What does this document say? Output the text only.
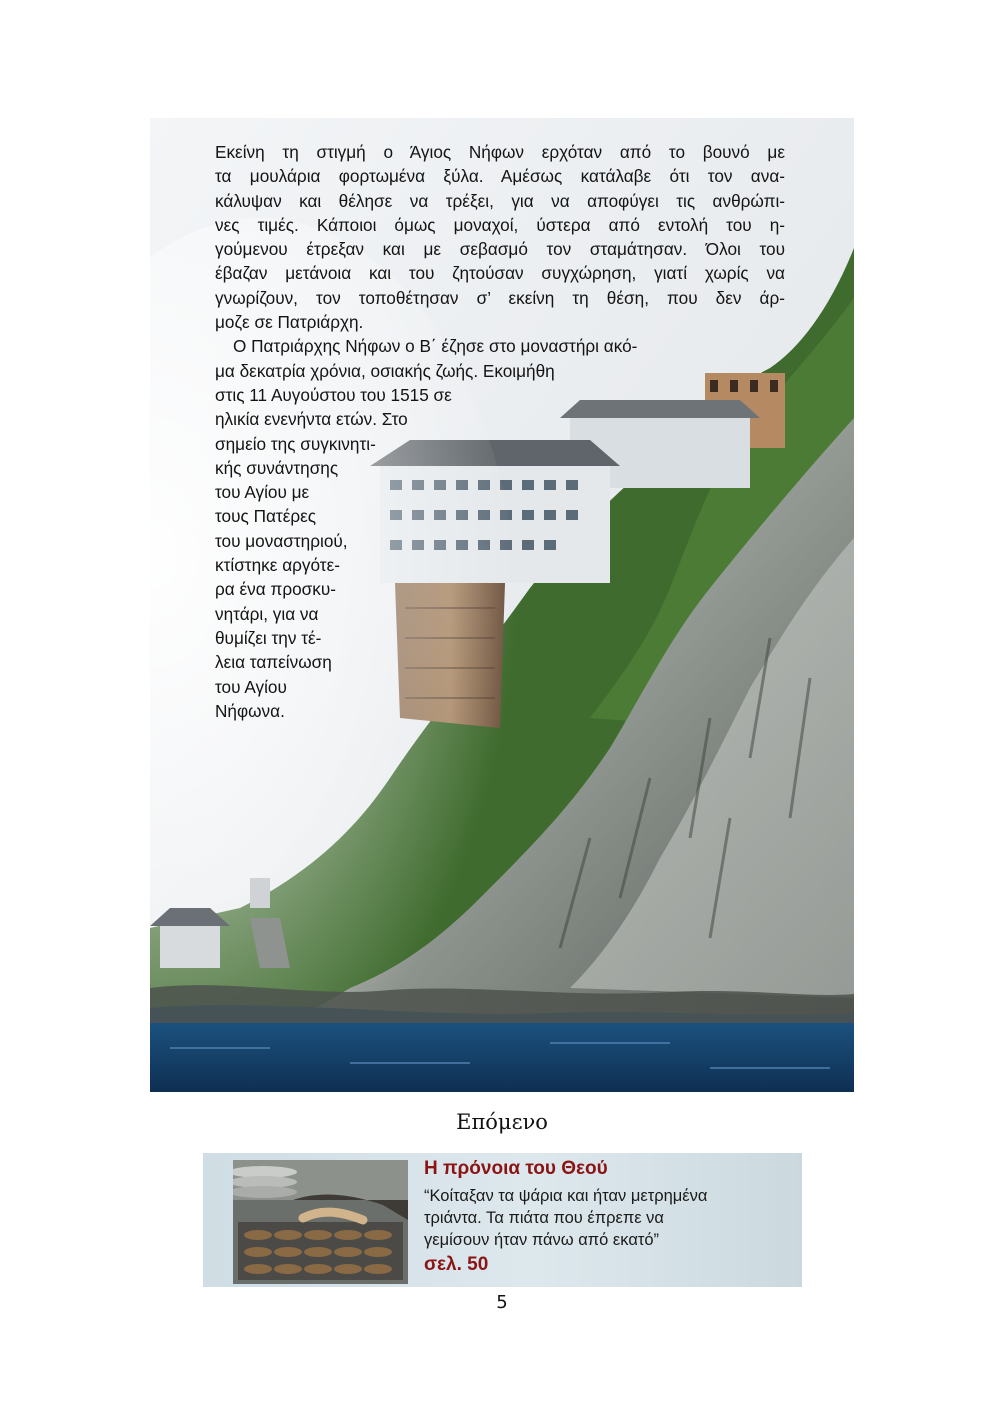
Εκείνη τη στιγμή ο Άγιος Νήφων ερχόταν από το βουνό με
τα μουλάρια φορτωμένα ξύλα. Αμέσως κατάλαβε ότι τον ανα-
κάλυψαν και θέλησε να τρέξει, για να αποφύγει τις ανθρώπι-
νες τιμές. Κάποιοι όμως μοναχοί, ύστερα από εντολή του η-
γούμενου έτρεξαν και με σεβασμό τον σταμάτησαν. Όλοι του
έβαζαν μετάνοια και του ζητούσαν συγχώρηση, γιατί χωρίς να
γνωρίζουν, τον τοποθέτησαν σ’ εκείνη τη θέση, που δεν άρ-
μοζε σε Πατριάρχη.
Ο Πατριάρχης Νήφων ο Β΄ έζησε στο μοναστήρι ακό-
μα δεκατρία χρόνια, οσιακής ζωής. Εκοιμήθη
στις 11 Αυγούστου του 1515 σε
ηλικία ενενήντα ετών. Στο
σημείο της συγκινητι-
κής συνάντησης
του Αγίου με
τους Πατέρες
του μοναστηριού,
κτίστηκε αργότε-
ρα ένα προσκυ-
νητάρι, για να
θυμίζει την τέ-
λεια ταπείνωση
του Αγίου
Νήφωνα.
Επόμενο
Η πρόνοια του Θεού
“Κοίταξαν τα ψάρια και ήταν μετρημένα
τριάντα. Τα πιάτα που έπρεπε να
γεμίσουν ήταν πάνω από εκατό”
σελ. 50
5
